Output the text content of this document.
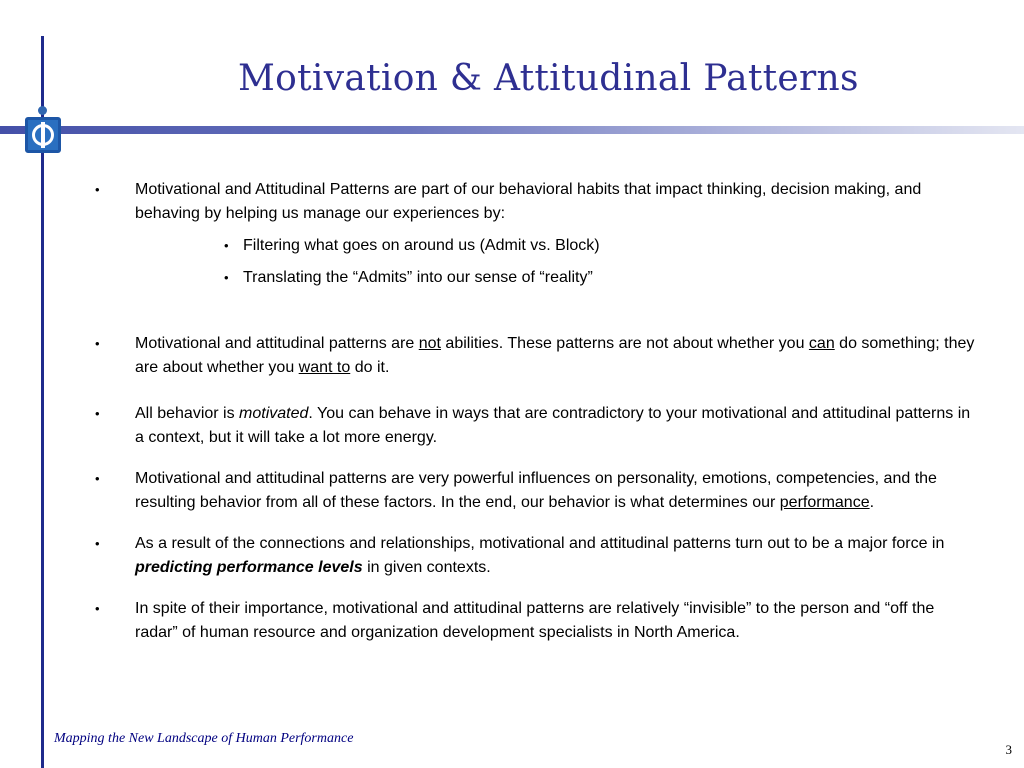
Motivation & Attitudinal Patterns
• Motivational and Attitudinal Patterns are part of our behavioral habits that impact thinking, decision making, and behaving by helping us manage our experiences by:
• Filtering what goes on around us (Admit vs. Block)
• Translating the “Admits” into our sense of “reality”
• Motivational and attitudinal patterns are not abilities. These patterns are not about whether you can do something; they are about whether you want to do it.
• All behavior is motivated. You can behave in ways that are contradictory to your motivational and attitudinal patterns in a context, but it will take a lot more energy.
• Motivational and attitudinal patterns are very powerful influences on personality, emotions, competencies, and the resulting behavior from all of these factors. In the end, our behavior is what determines our performance.
• As a result of the connections and relationships, motivational and attitudinal patterns turn out to be a major force in predicting performance levels in given contexts.
• In spite of their importance, motivational and attitudinal patterns are relatively “invisible” to the person and “off the radar” of human resource and organization development specialists in North America.
Mapping the New Landscape of Human Performance
3
